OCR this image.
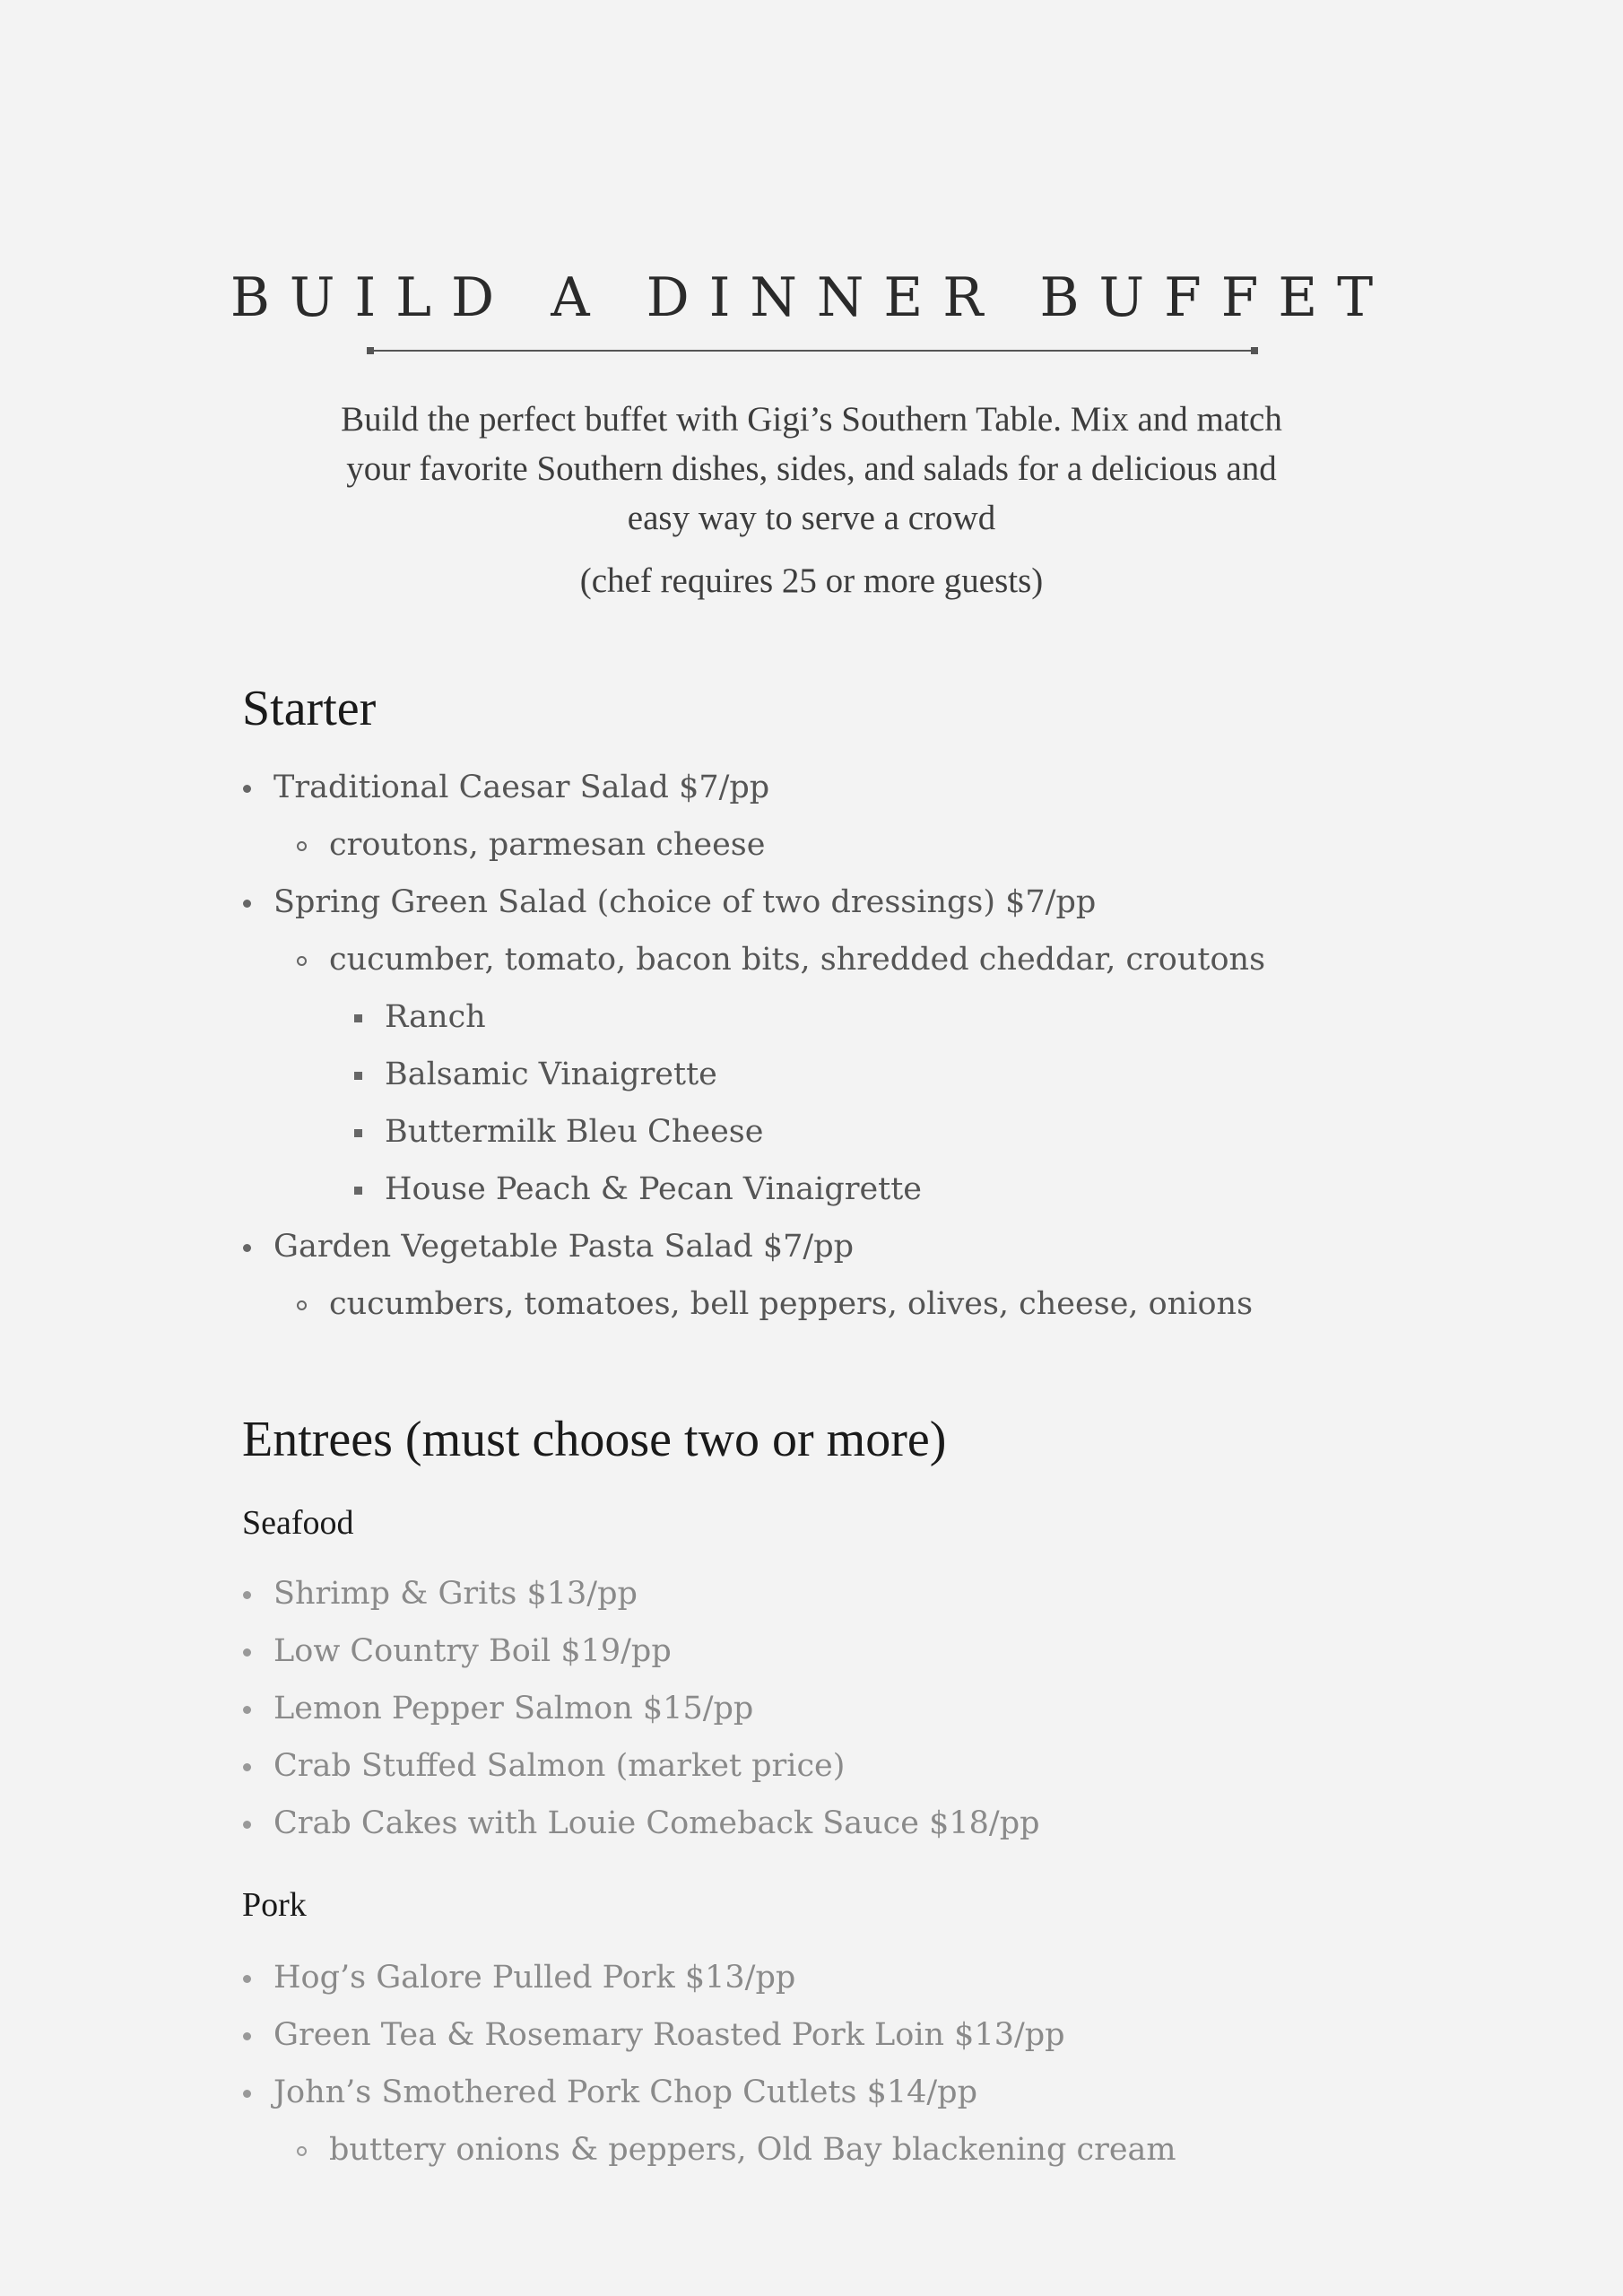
BUILD A DINNER BUFFET
Build the perfect buffet with Gigi’s Southern Table. Mix and match
your favorite Southern dishes, sides, and salads for a delicious and
easy way to serve a crowd
(chef requires 25 or more guests)
Starter
Traditional Caesar Salad $7/pp
croutons, parmesan cheese
Spring Green Salad (choice of two dressings) $7/pp
cucumber, tomato, bacon bits, shredded cheddar, croutons
Ranch
Balsamic Vinaigrette
Buttermilk Bleu Cheese
House Peach & Pecan Vinaigrette
Garden Vegetable Pasta Salad $7/pp
cucumbers, tomatoes, bell peppers, olives, cheese, onions
Entrees (must choose two or more)
Seafood
Shrimp & Grits $13/pp
Low Country Boil $19/pp
Lemon Pepper Salmon $15/pp
Crab Stuffed Salmon (market price)
Crab Cakes with Louie Comeback Sauce $18/pp
Pork
Hog’s Galore Pulled Pork $13/pp
Green Tea & Rosemary Roasted Pork Loin $13/pp
John’s Smothered Pork Chop Cutlets $14/pp
buttery onions & peppers, Old Bay blackening cream
